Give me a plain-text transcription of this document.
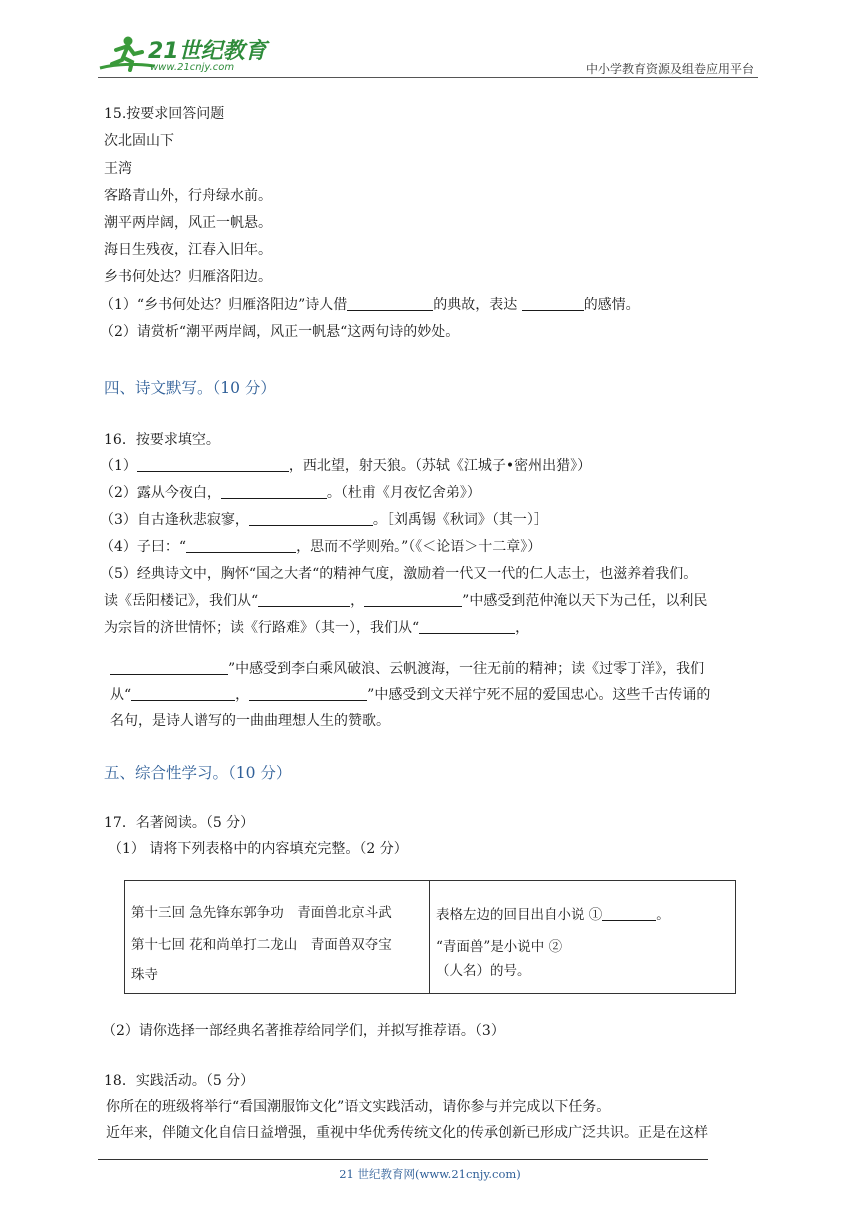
21世纪教育
www.21cnjy.com	中小学教育资源及组卷应用平台
15.按要求回答问题
次北固山下
王湾
客路青山外，行舟绿水前。
潮平两岸阔，风正一帆悬。
海日生残夜，江春入旧年。
乡书何处达？归雁洛阳边。
（1）“乡书何处达？归雁洛阳边”诗人借	的典故，表达	的感情。
（2）请赏析“潮平两岸阔，风正一帆悬“这两句诗的妙处。
四、诗文默写。（10 分）
16．按要求填空。
（1）	，西北望，射天狼。（苏轼《江城子•密州出猎》）
（2）露从今夜白，	。（杜甫《月夜忆舍弟》）
（3）自古逢秋悲寂寥，	。［刘禹锡《秋词》（其一）］
（4）子曰：“	，思而不学则殆。”（《＜论语＞十二章》）
（5）经典诗文中，胸怀“国之大者“的精神气度，激励着一代又一代的仁人志士，也滋养着我们。
读《岳阳楼记》，我们从“	，	”中感受到范仲淹以天下为己任，以利民
为宗旨的济世情怀；读《行路难》（其一），我们从“	，
”中感受到李白乘风破浪、云帆渡海，一往无前的精神；读《过零丁洋》，我们
从“	，	”中感受到文天祥宁死不屈的爱国忠心。这些千古传诵的
名句，是诗人谱写的一曲曲理想人生的赞歌。
五、综合性学习。（10 分）
17．名著阅读。（5 分）
（1） 请将下列表格中的内容填充完整。（2 分）
第十三回 急先锋东郭争功　青面兽北京斗武
第十七回 花和尚单打二龙山　青面兽双夺宝
珠寺

表格左边的回目出自小说 ①	。
“青面兽”是小说中 ②
（人名）的号。
（2）请你选择一部经典名著推荐给同学们，并拟写推荐语。（3）
18．实践活动。（5 分）
你所在的班级将举行“看国潮服饰文化”语文实践活动，请你参与并完成以下任务。
近年来，伴随文化自信日益增强，重视中华优秀传统文化的传承创新已形成广泛共识。正是在这样
21 世纪教育网(www.21cnjy.com)
